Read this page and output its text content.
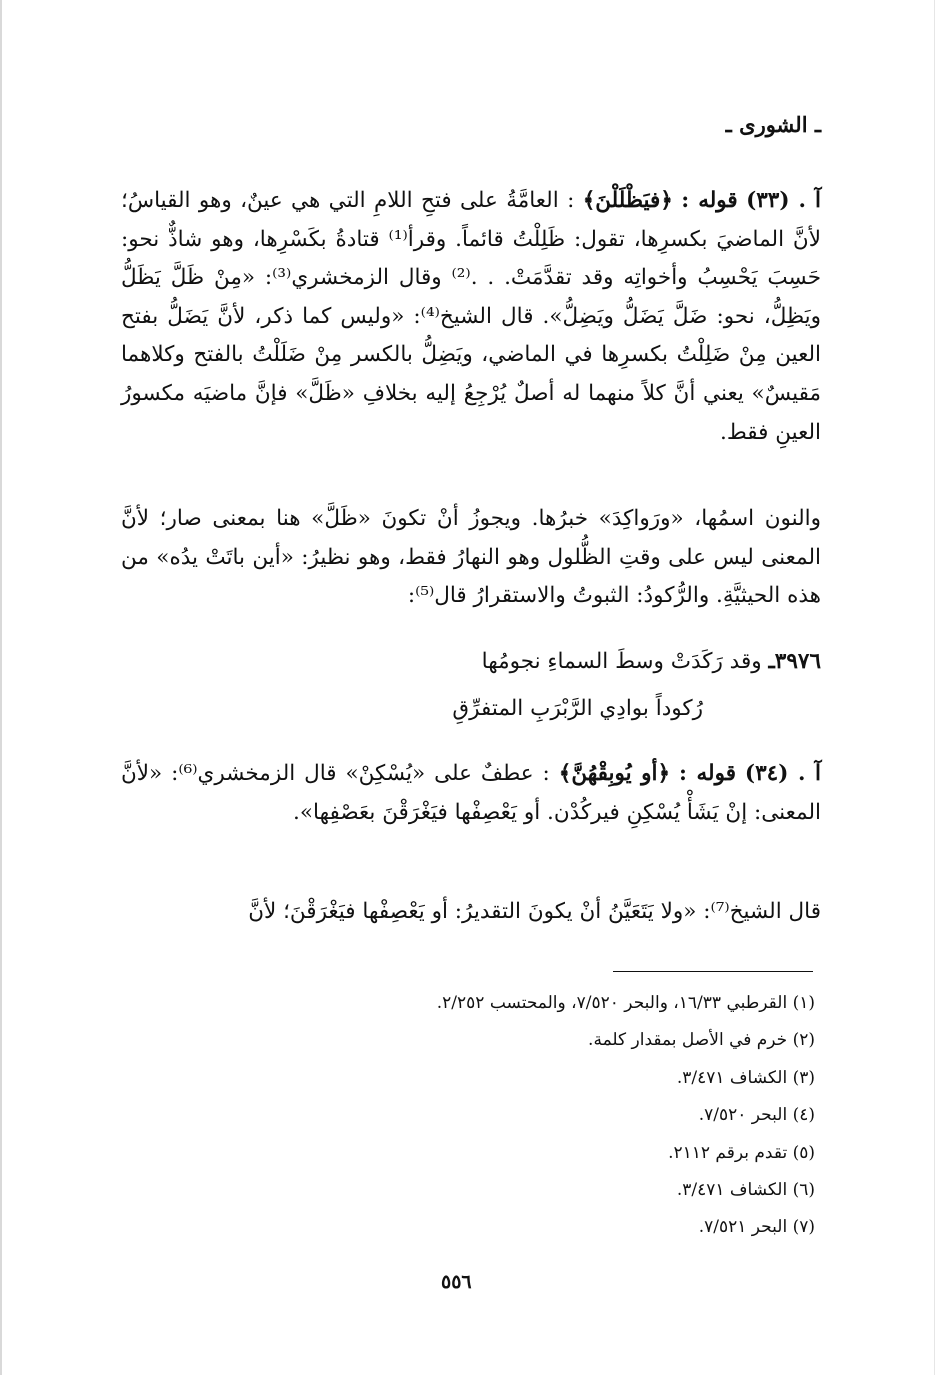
ـ الشورى ـ
آ . (٣٣) قوله : ﴿فيَظْلَلْنَ﴾ : العامَّةُ على فتحِ اللامِ التي هي عينٌ، وهو القياسُ؛ لأنَّ الماضيَ بكسرِها، تقول: ظَلِلْتُ قائماً. وقرأ⁽¹⁾ قتادةُ بكَسْرِها، وهو شاذٌّ نحو: حَسِبَ يَحْسِبُ وأخواتِه وقد تقدَّمَتْ. . .⁽²⁾ وقال الزمخشري⁽³⁾: «مِنْ ظَلَّ يَظَلُّ ويَظِلُّ، نحو: ضَلَّ يَضَلُّ ويَضِلُّ». قال الشيخ⁽⁴⁾: «وليس كما ذكر، لأنَّ يَضَلُّ بفتح العين مِنْ ضَلِلْتُ بكسرِها في الماضي، ويَضِلُّ بالكسر مِنْ ضَلَلْتُ بالفتح وكلاهما مَقيسٌ» يعني أنَّ كلاً منهما له أصلٌ يُرْجِعُ إليه بخلافِ «ظَلَّ» فإنَّ ماضيَه مكسورُ العينِ فقط.
والنون اسمُها، «ورَواكِدَ» خبرُها. ويجوزُ أنْ تكونَ «ظَلَّ» هنا بمعنى صار؛ لأنَّ المعنى ليس على وقتِ الظُّلول وهو النهارُ فقط، وهو نظيرُ: «أين باتَتْ يدُه» من هذه الحيثيَّةِ. والرُّكودُ: الثبوتُ والاستقرارُ قال⁽⁵⁾:
٣٩٧٦ـ وقد رَكَدَتْ وسطَ السماءِ نجومُها
رُكوداً بوادِي الرَّبْرَبِ المتفرِّقِ
آ . (٣٤) قوله : ﴿أو يُوبِقْهُنَّ﴾ : عطفٌ على «يُسْكِنْ» قال الزمخشري⁽⁶⁾: «لأنَّ المعنى: إنْ يَشَأْ يُسْكِنِ فيركُدْن. أو يَعْصِفْها فيَغْرَقْنَ بعَصْفِها».
قال الشيخ⁽⁷⁾: «ولا يَتَعَيَّنُ أنْ يكونَ التقديرُ: أو يَعْصِفْها فيَغْرَقْنَ؛ لأنَّ
(١) القرطبي ١٦/٣٣، والبحر ٧/٥٢٠، والمحتسب ٢/٢٥٢.
(٢) خرم في الأصل بمقدار كلمة.
(٣) الكشاف ٣/٤٧١.
(٤) البحر ٧/٥٢٠.
(٥) تقدم برقم ٢١١٢.
(٦) الكشاف ٣/٤٧١.
(٧) البحر ٧/٥٢١.
٥٥٦
